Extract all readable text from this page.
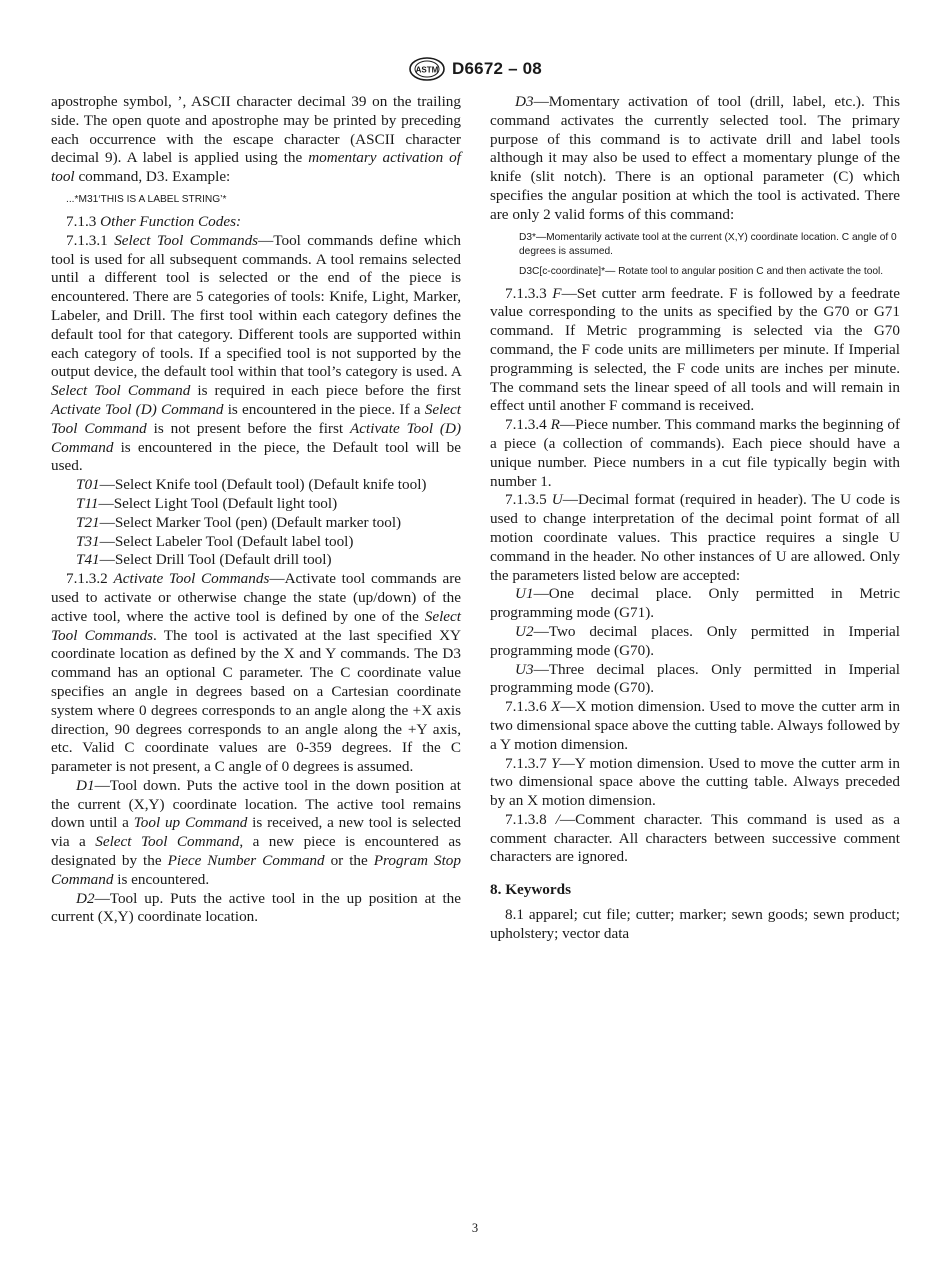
ASTM D6672 – 08

apostrophe symbol, ’, ASCII character decimal 39 on the trailing side. The open quote and apostrophe may be printed by preceding each occurrence with the escape character (ASCII character decimal 9). A label is applied using the momentary activation of tool command, D3. Example:

...*M31‘THIS IS A LABEL STRING’*

7.1.3 Other Function Codes:

7.1.3.1 Select Tool Commands—Tool commands define which tool is used for all subsequent commands. A tool remains selected until a different tool is selected or the end of the piece is encountered. There are 5 categories of tools: Knife, Light, Marker, Labeler, and Drill. The first tool within each category defines the default tool for that category. Different tools are supported within each category of tools. If a specified tool is not supported by the output device, the default tool within that tool’s category is used. A Select Tool Command is required in each piece before the first Activate Tool (D) Command is encountered in the piece. If a Select Tool Command is not present before the first Activate Tool (D) Command is encountered in the piece, the Default tool will be used.

T01—Select Knife tool (Default tool) (Default knife tool)

T11—Select Light Tool (Default light tool)

T21—Select Marker Tool (pen) (Default marker tool)

T31—Select Labeler Tool (Default label tool)

T41—Select Drill Tool (Default drill tool)

7.1.3.2 Activate Tool Commands—Activate tool commands are used to activate or otherwise change the state (up/down) of the active tool, where the active tool is defined by one of the Select Tool Commands. The tool is activated at the last specified XY coordinate location as defined by the X and Y commands. The D3 command has an optional C parameter. The C coordinate value specifies an angle in degrees based on a Cartesian coordinate system where 0 degrees corresponds to an angle along the +X axis direction, 90 degrees corresponds to an angle along the +Y axis, etc. Valid C coordinate values are 0-359 degrees. If the C parameter is not present, a C angle of 0 degrees is assumed.

D1—Tool down. Puts the active tool in the down position at the current (X,Y) coordinate location. The active tool remains down until a Tool up Command is received, a new tool is selected via a Select Tool Command, a new piece is encountered as designated by the Piece Number Command or the Program Stop Command is encountered.

D2—Tool up. Puts the active tool in the up position at the current (X,Y) coordinate location.

D3—Momentary activation of tool (drill, label, etc.). This command activates the currently selected tool. The primary purpose of this command is to activate drill and label tools although it may also be used to effect a momentary plunge of the knife (slit notch). There is an optional parameter (C) which specifies the angular position at which the tool is activated. There are only 2 valid forms of this command:

D3*—Momentarily activate tool at the current (X,Y) coordinate location. C angle of 0 degrees is assumed.

D3C[c-coordinate]*— Rotate tool to angular position C and then activate the tool.

7.1.3.3 F—Set cutter arm feedrate. F is followed by a feedrate value corresponding to the units as specified by the G70 or G71 command. If Metric programming is selected via the G70 command, the F code units are millimeters per minute. If Imperial programming is selected, the F code units are inches per minute. The command sets the linear speed of all tools and will remain in effect until another F command is received.

7.1.3.4 R—Piece number. This command marks the beginning of a piece (a collection of commands). Each piece should have a unique number. Piece numbers in a cut file typically begin with number 1.

7.1.3.5 U—Decimal format (required in header). The U code is used to change interpretation of the decimal point format of all motion coordinate values. This practice requires a single U command in the header. No other instances of U are allowed. Only the parameters listed below are accepted:

U1—One decimal place. Only permitted in Metric programming mode (G71).

U2—Two decimal places. Only permitted in Imperial programming mode (G70).

U3—Three decimal places. Only permitted in Imperial programming mode (G70).

7.1.3.6 X—X motion dimension. Used to move the cutter arm in two dimensional space above the cutting table. Always followed by a Y motion dimension.

7.1.3.7 Y—Y motion dimension. Used to move the cutter arm in two dimensional space above the cutting table. Always preceded by an X motion dimension.

7.1.3.8 /—Comment character. This command is used as a comment character. All characters between successive comment characters are ignored.

8. Keywords

8.1 apparel; cut file; cutter; marker; sewn goods; sewn product; upholstery; vector data

3
